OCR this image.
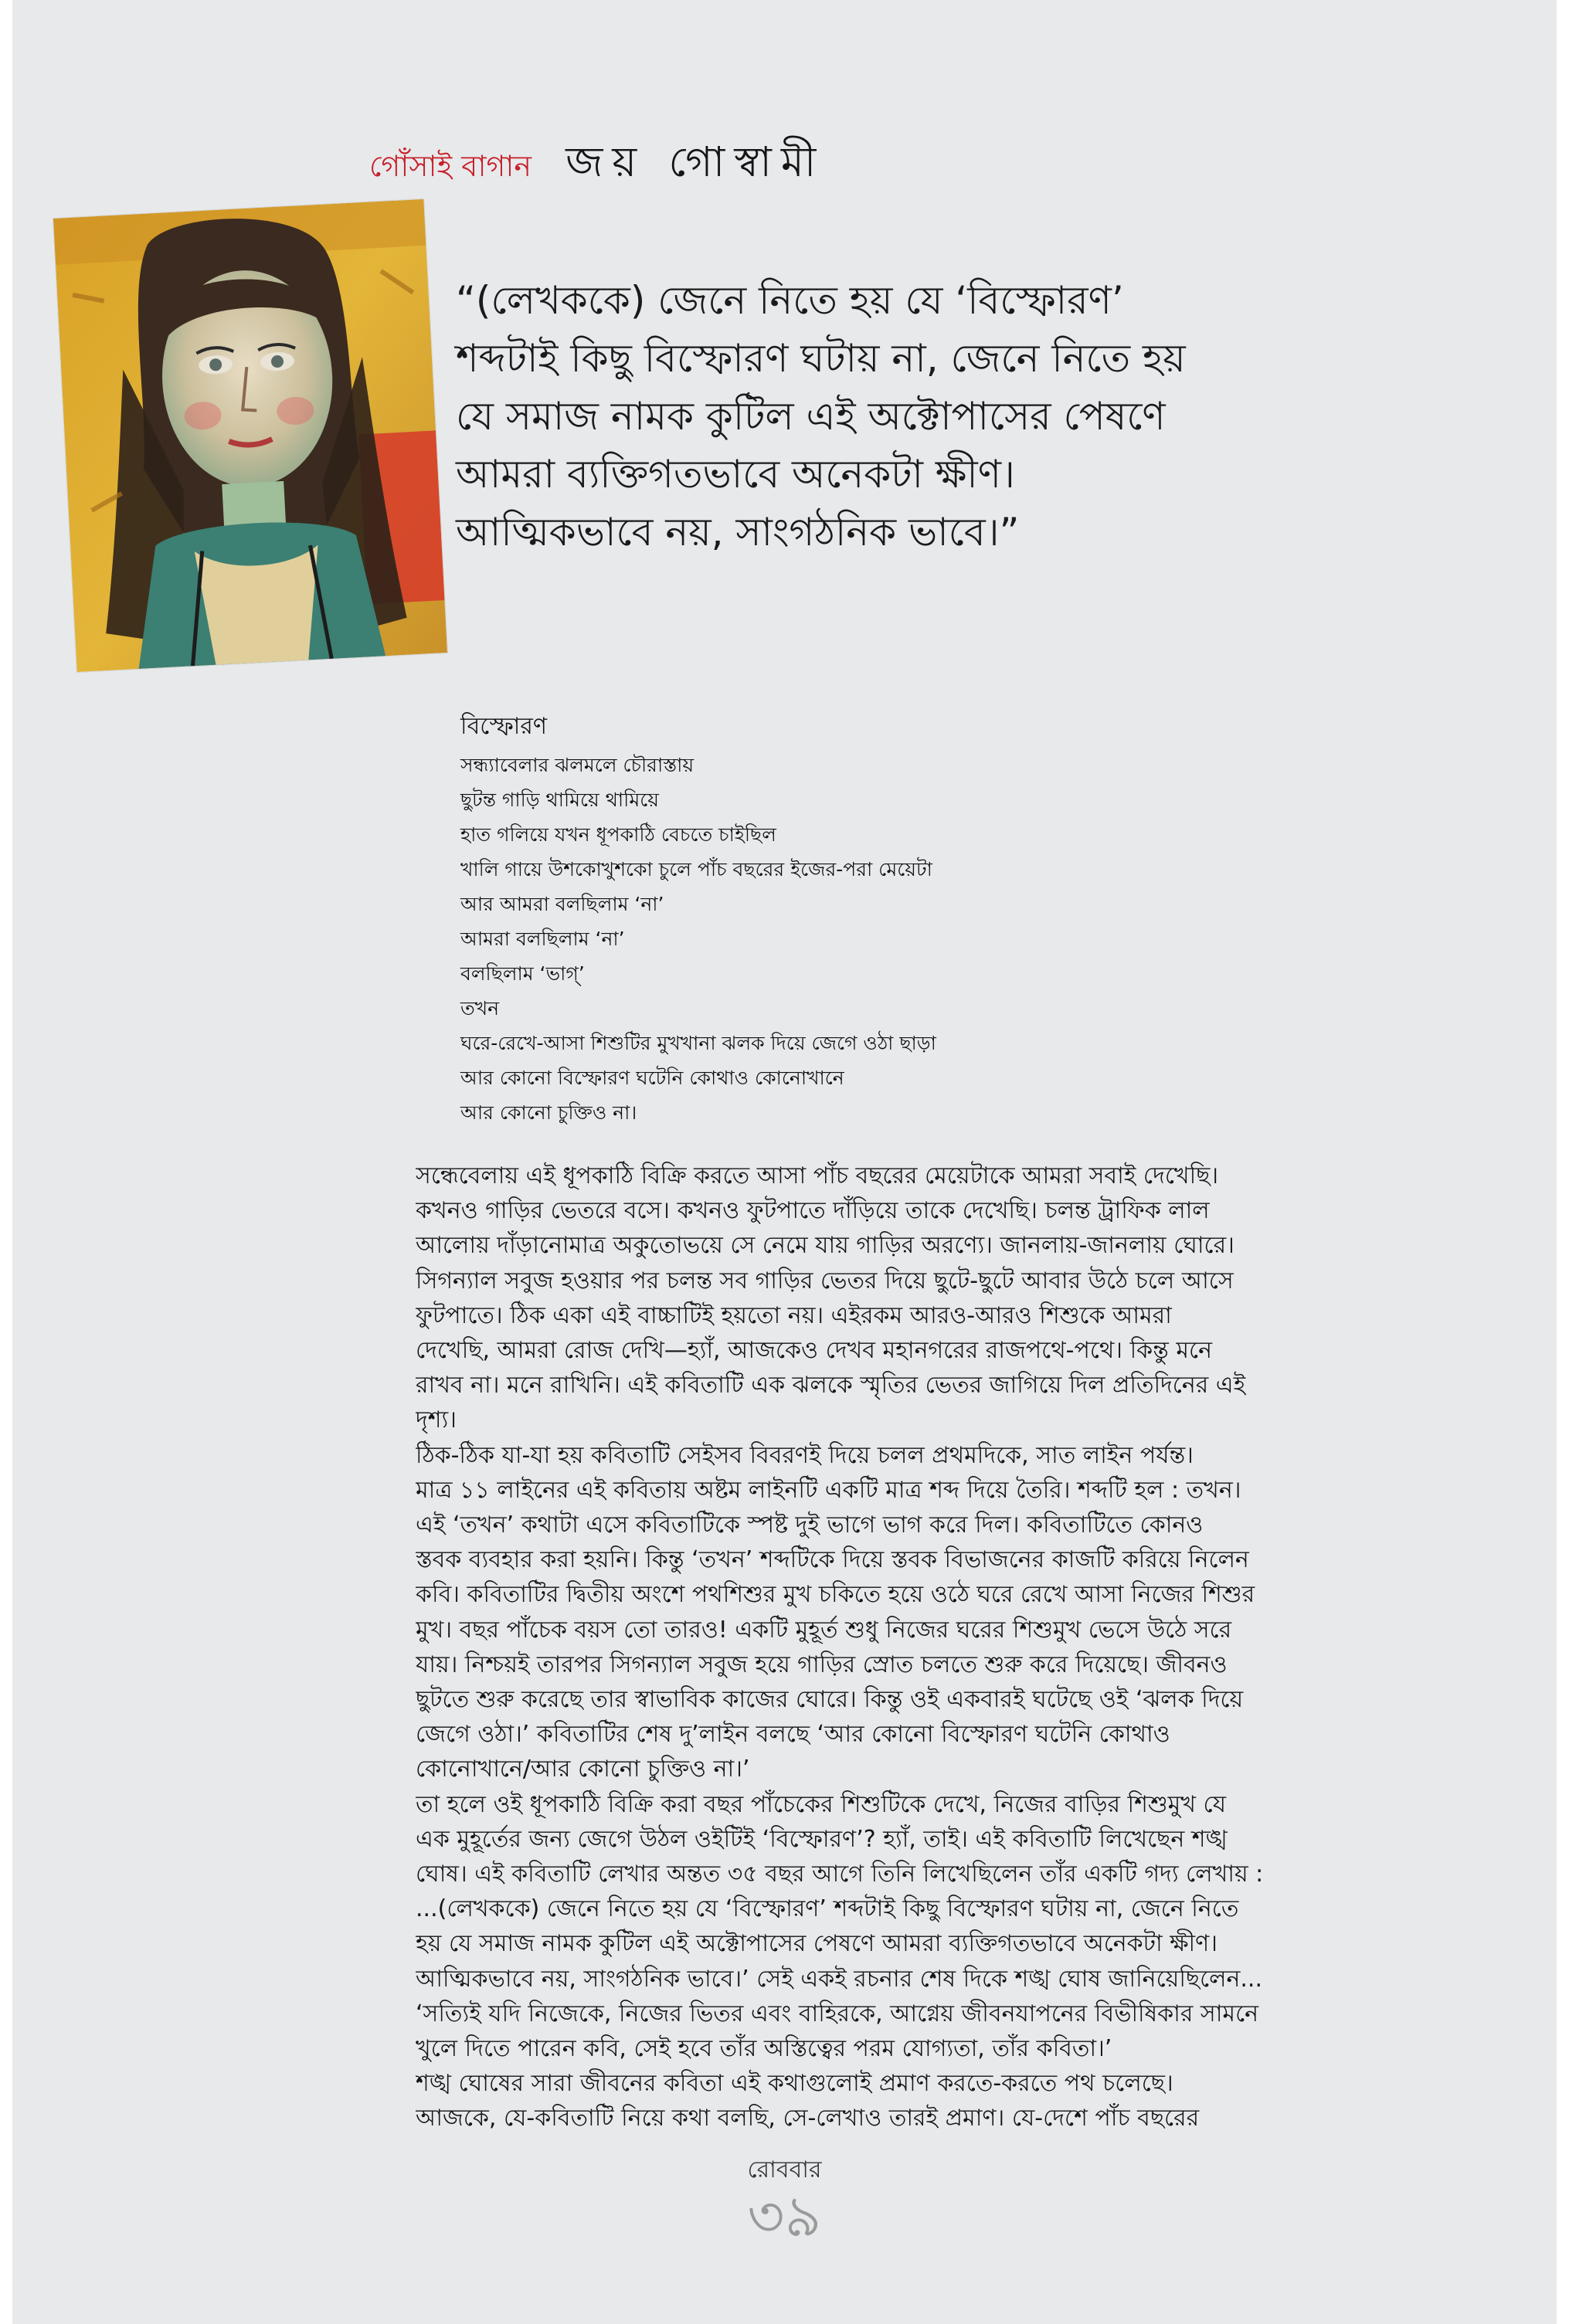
গোঁসাই বাগান জয় গোস্বামী
“(লেখককে) জেনে নিতে হয় যে ‘বিস্ফোরণ’
শব্দটাই কিছু বিস্ফোরণ ঘটায় না, জেনে নিতে হয়
যে সমাজ নামক কুটিল এই অক্টোপাসের পেষণে
আমরা ব্যক্তিগতভাবে অনেকটা ক্ষীণ।
আত্মিকভাবে নয়, সাংগঠনিক ভাবে।”
বিস্ফোরণ
সন্ধ্যাবেলার ঝলমলে চৌরাস্তায়
ছুটন্ত গাড়ি থামিয়ে থামিয়ে
হাত গলিয়ে যখন ধূপকাঠি বেচতে চাইছিল
খালি গায়ে উশকোখুশকো চুলে পাঁচ বছরের ইজের-পরা মেয়েটা
আর আমরা বলছিলাম ‘না’
আমরা বলছিলাম ‘না’
বলছিলাম ‘ভাগ্‌’
তখন
ঘরে-রেখে-আসা শিশুটির মুখখানা ঝলক দিয়ে জেগে ওঠা ছাড়া
আর কোনো বিস্ফোরণ ঘটেনি কোথাও কোনোখানে
আর কোনো চুক্তিও না।
সন্ধেবেলায় এই ধূপকাঠি বিক্রি করতে আসা পাঁচ বছরের মেয়েটাকে আমরা সবাই দেখেছি।
কখনও গাড়ির ভেতরে বসে। কখনও ফুটপাতে দাঁড়িয়ে তাকে দেখেছি। চলন্ত ট্রাফিক লাল
আলোয় দাঁড়ানোমাত্র অকুতোভয়ে সে নেমে যায় গাড়ির অরণ্যে। জানলায়-জানলায় ঘোরে।
সিগন্যাল সবুজ হওয়ার পর চলন্ত সব গাড়ির ভেতর দিয়ে ছুটে-ছুটে আবার উঠে চলে আসে
ফুটপাতে। ঠিক একা এই বাচ্চাটিই হয়তো নয়। এইরকম আরও-আরও শিশুকে আমরা
দেখেছি, আমরা রোজ দেখি—হ্যাঁ, আজকেও দেখব মহানগরের রাজপথে-পথে। কিন্তু মনে
রাখব না। মনে রাখিনি। এই কবিতাটি এক ঝলকে স্মৃতির ভেতর জাগিয়ে দিল প্রতিদিনের এই
দৃশ্য।
ঠিক-ঠিক যা-যা হয় কবিতাটি সেইসব বিবরণই দিয়ে চলল প্রথমদিকে, সাত লাইন পর্যন্ত।
মাত্র ১১ লাইনের এই কবিতায় অষ্টম লাইনটি একটি মাত্র শব্দ দিয়ে তৈরি। শব্দটি হল : তখন।
এই ‘তখন’ কথাটা এসে কবিতাটিকে স্পষ্ট দুই ভাগে ভাগ করে দিল। কবিতাটিতে কোনও
স্তবক ব্যবহার করা হয়নি। কিন্তু ‘তখন’ শব্দটিকে দিয়ে স্তবক বিভাজনের কাজটি করিয়ে নিলেন
কবি। কবিতাটির দ্বিতীয় অংশে পথশিশুর মুখ চকিতে হয়ে ওঠে ঘরে রেখে আসা নিজের শিশুর
মুখ। বছর পাঁচেক বয়স তো তারও! একটি মুহূর্ত শুধু নিজের ঘরের শিশুমুখ ভেসে উঠে সরে
যায়। নিশ্চয়ই তারপর সিগন্যাল সবুজ হয়ে গাড়ির স্রোত চলতে শুরু করে দিয়েছে। জীবনও
ছুটতে শুরু করেছে তার স্বাভাবিক কাজের ঘোরে। কিন্তু ওই একবারই ঘটেছে ওই ‘ঝলক দিয়ে
জেগে ওঠা।’ কবিতাটির শেষ দু’লাইন বলছে ‘আর কোনো বিস্ফোরণ ঘটেনি কোথাও
কোনোখানে/আর কোনো চুক্তিও না।’
তা হলে ওই ধূপকাঠি বিক্রি করা বছর পাঁচেকের শিশুটিকে দেখে, নিজের বাড়ির শিশুমুখ যে
এক মুহূর্তের জন্য জেগে উঠল ওইটিই ‘বিস্ফোরণ’? হ্যাঁ, তাই। এই কবিতাটি লিখেছেন শঙ্খ
ঘোষ। এই কবিতাটি লেখার অন্তত ৩৫ বছর আগে তিনি লিখেছিলেন তাঁর একটি গদ্য লেখায় :
...(লেখককে) জেনে নিতে হয় যে ‘বিস্ফোরণ’ শব্দটাই কিছু বিস্ফোরণ ঘটায় না, জেনে নিতে
হয় যে সমাজ নামক কুটিল এই অক্টোপাসের পেষণে আমরা ব্যক্তিগতভাবে অনেকটা ক্ষীণ।
আত্মিকভাবে নয়, সাংগঠনিক ভাবে।’ সেই একই রচনার শেষ দিকে শঙ্খ ঘোষ জানিয়েছিলেন...
‘সত্যিই যদি নিজেকে, নিজের ভিতর এবং বাহিরকে, আগ্নেয় জীবনযাপনের বিভীষিকার সামনে
খুলে দিতে পারেন কবি, সেই হবে তাঁর অস্তিত্বের পরম যোগ্যতা, তাঁর কবিতা।’
শঙ্খ ঘোষের সারা জীবনের কবিতা এই কথাগুলোই প্রমাণ করতে-করতে পথ চলেছে।
আজকে, যে-কবিতাটি নিয়ে কথা বলছি, সে-লেখাও তারই প্রমাণ। যে-দেশে পাঁচ বছরের
রোববার
৩৯
